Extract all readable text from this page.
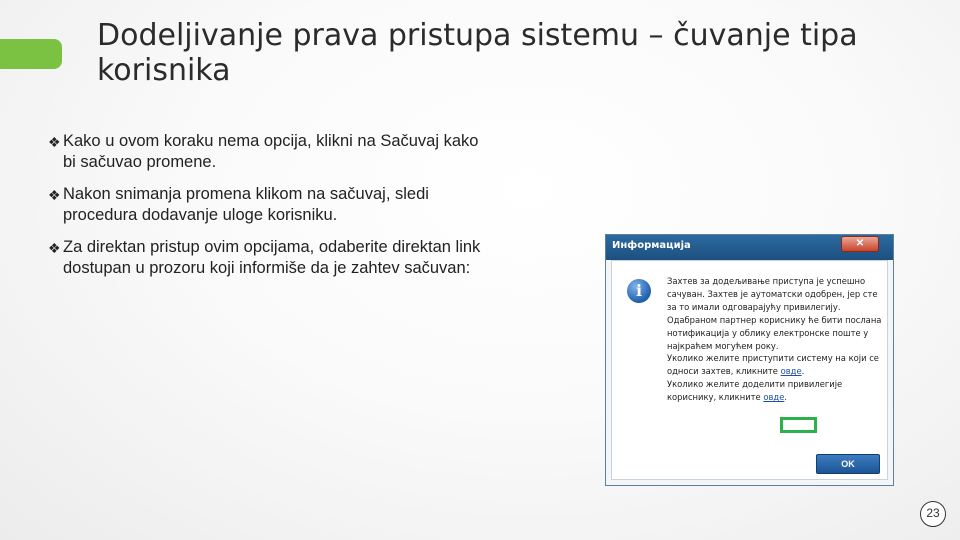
Dodeljivanje prava pristupa sistemu – čuvanje tipa korisnika
❖ Kako u ovom koraku nema opcija, klikni na Sačuvaj kako bi sačuvao promene.
❖ Nakon snimanja promena klikom na sačuvaj, sledi procedura dodavanje uloge korisniku.
❖ Za direktan pristup ovim opcijama, odaberite direktan link dostupan u prozoru koji informiše da je zahtev sačuvan:
Информација	✕
i	Захтев за додељивање приступа је успешно сачуван. Захтев је аутоматски одобрен, јер сте за то имали одговарајућу привилегију.

Одабраном партнер кориснику ће бити послана нотификација у облику електронске поште у најкраћем могућем року.

Уколико желите приступити систему на који се односи захтев, кликните овде.

Уколико желите доделити привилегије кориснику, кликните овде.

OK
23
